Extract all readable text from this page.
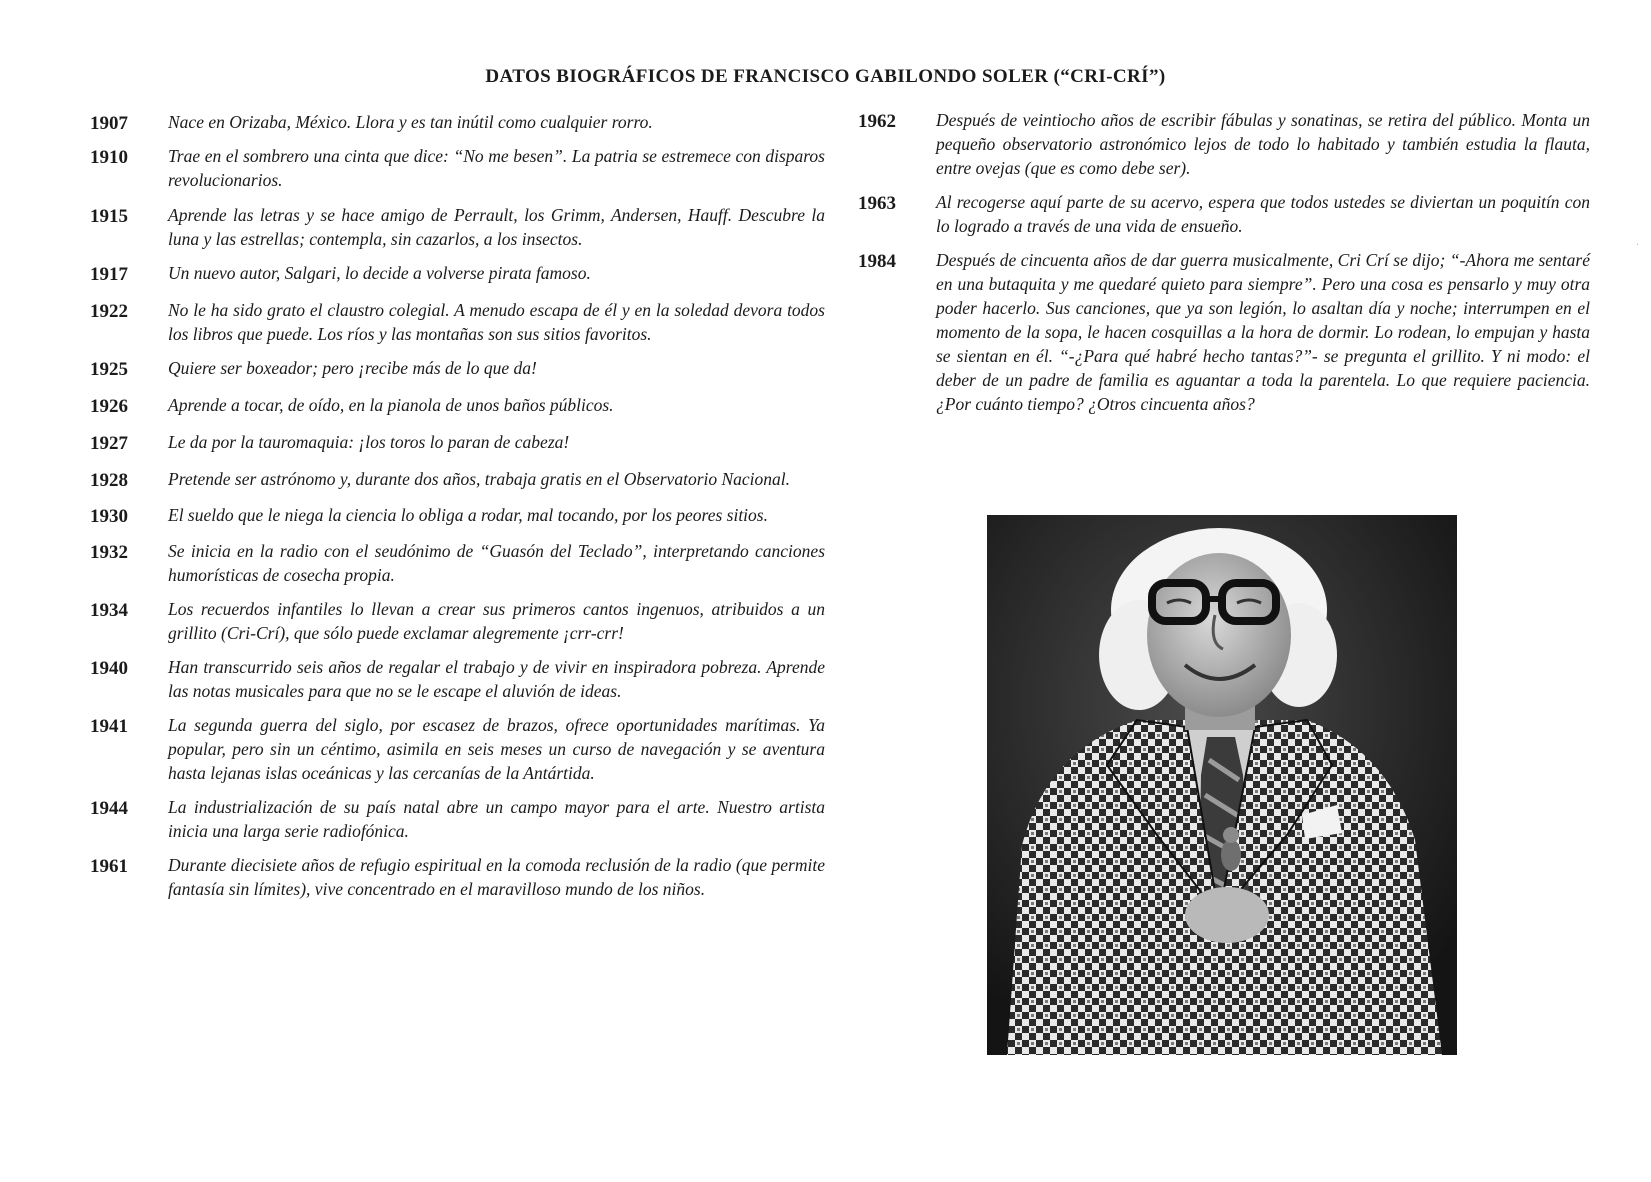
DATOS BIOGRÁFICOS DE FRANCISCO GABILONDO SOLER (“CRI-CRÍ”)
1907	Nace en Orizaba, México. Llora y es tan inútil como cualquier rorro.
1910	Trae en el sombrero una cinta que dice: “No me besen”. La patria se estremece con disparos revolucionarios.
1915	Aprende las letras y se hace amigo de Perrault, los Grimm, Andersen, Hauff. Descubre la luna y las estrellas; contempla, sin cazarlos, a los insectos.
1917	Un nuevo autor, Salgari, lo decide a volverse pirata famoso.
1922	No le ha sido grato el claustro colegial. A menudo escapa de él y en la soledad devora todos los libros que puede. Los ríos y las montañas son sus sitios favoritos.
1925	Quiere ser boxeador; pero ¡recibe más de lo que da!
1926	Aprende a tocar, de oído, en la pianola de unos baños públicos.
1927	Le da por la tauromaquia: ¡los toros lo paran de cabeza!
1928	Pretende ser astrónomo y, durante dos años, trabaja gratis en el Observatorio Nacional.
1930	El sueldo que le niega la ciencia lo obliga a rodar, mal tocando, por los peores sitios.
1932	Se inicia en la radio con el seudónimo de “Guasón del Teclado”, interpretando canciones humorísticas de cosecha propia.
1934	Los recuerdos infantiles lo llevan a crear sus primeros cantos ingenuos, atribuidos a un grillito (Cri-Crí), que sólo puede exclamar alegremente ¡crr-crr!
1940	Han transcurrido seis años de regalar el trabajo y de vivir en inspiradora pobreza. Aprende las notas musicales para que no se le escape el aluvión de ideas.
1941	La segunda guerra del siglo, por escasez de brazos, ofrece oportunidades marítimas. Ya popular, pero sin un céntimo, asimila en seis meses un curso de navegación y se aventura hasta lejanas islas oceánicas y las cercanías de la Antártida.
1944	La industrialización de su país natal abre un campo mayor para el arte. Nuestro artista inicia una larga serie radiofónica.
1961	Durante diecisiete años de refugio espiritual en la comoda reclusión de la radio (que permite fantasía sin límites), vive concentrado en el maravilloso mundo de los niños.
1962	Después de veintiocho años de escribir fábulas y sonatinas, se retira del público. Monta un pequeño observatorio astronómico lejos de todo lo habitado y también estudia la flauta, entre ovejas (que es como debe ser).
1963	Al recogerse aquí parte de su acervo, espera que todos ustedes se diviertan un poquitín con lo logrado a través de una vida de ensueño.
1984	Después de cincuenta años de dar guerra musicalmente, Cri Crí se dijo; “-Ahora me sentaré en una butaquita y me quedaré quieto para siempre”. Pero una cosa es pensarlo y muy otra poder hacerlo. Sus canciones, que ya son legión, lo asaltan día y noche; interrumpen en el momento de la sopa, le hacen cosquillas a la hora de dormir. Lo rodean, lo empujan y hasta se sientan en él. “-¿Para qué habré hecho tantas?”- se pregunta el grillito. Y ni modo: el deber de un padre de familia es aguantar a toda la parentela. Lo que requiere paciencia. ¿Por cuánto tiempo? ¿Otros cincuenta años?
·
